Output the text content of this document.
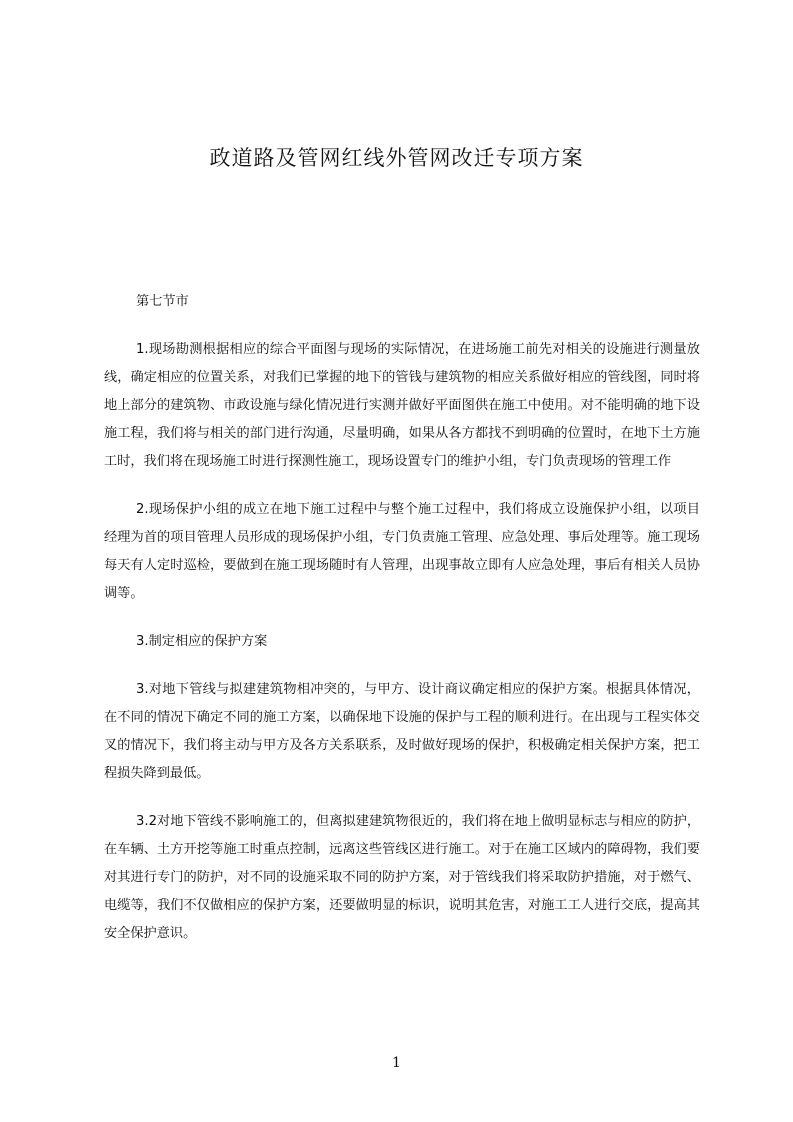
政道路及管网红线外管网改迁专项方案

第七节市

1.现场勘测根据相应的综合平面图与现场的实际情况，在进场施工前先对相关的设施进行测量放线，确定相应的位置关系，对我们已掌握的地下的管钱与建筑物的相应关系做好相应的管线图，同时将地上部分的建筑物、市政设施与绿化情况进行实测并做好平面图供在施工中使用。对不能明确的地下设施工程，我们将与相关的部门进行沟通，尽量明确，如果从各方都找不到明确的位置时，在地下土方施工时，我们将在现场施工时进行探测性施工，现场设置专门的维护小组，专门负责现场的管理工作

2.现场保护小组的成立在地下施工过程中与整个施工过程中，我们将成立设施保护小组，以项目经理为首的项目管理人员形成的现场保护小组，专门负责施工管理、应急处理、事后处理等。施工现场每天有人定时巡检，要做到在施工现场随时有人管理，出现事故立即有人应急处理，事后有相关人员协调等。

3.制定相应的保护方案

3.对地下管线与拟建建筑物相冲突的，与甲方、设计商议确定相应的保护方案。根据具体情况，在不同的情况下确定不同的施工方案，以确保地下设施的保护与工程的顺利进行。在出现与工程实体交叉的情况下，我们将主动与甲方及各方关系联系，及时做好现场的保护，积极确定相关保护方案，把工程损失降到最低。

3.2对地下管线不影响施工的，但离拟建建筑物很近的，我们将在地上做明显标志与相应的防护，在车辆、土方开挖等施工时重点控制，远离这些管线区进行施工。对于在施工区域内的障碍物，我们要对其进行专门的防护，对不同的设施采取不同的防护方案，对于管线我们将采取防护措施，对于燃气、电缆等，我们不仅做相应的保护方案，还要做明显的标识，说明其危害，对施工工人进行交底，提高其安全保护意识。

1
